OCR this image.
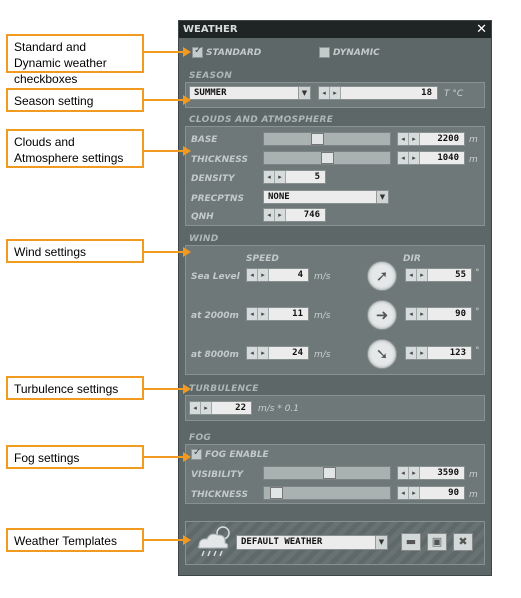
Standard and Dynamic weather checkboxes
Season setting
Clouds and Atmosphere settings
Wind settings
Turbulence settings
Fog settings
Weather Templates
WEATHER	✕
✓
STANDARD	DYNAMIC
SEASON
SUMMER	▼	◂	▸	18	T °C
CLOUDS AND ATMOSPHERE
BASE	◂	▸	2200	m
THICKNESS	◂	▸	1040	m
DENSITY	◂	▸	5
PRECPTNS	NONE	▼
QNH	◂	▸	746
WIND
SPEED	DIR
Sea Level	◂	▸	4	m/s	➚	◂	▸	55	°
at 2000m	◂	▸	11	m/s	➜	◂	▸	90	°
at 8000m	◂	▸	24	m/s	➘	◂	▸	123	°
TURBULENCE
◂	▸	22	m/s * 0.1
FOG
✓
FOG ENABLE
VISIBILITY	◂	▸	3590	m
THICKNESS	◂	▸	90	m
DEFAULT WEATHER	▼	▬	▣	✖
